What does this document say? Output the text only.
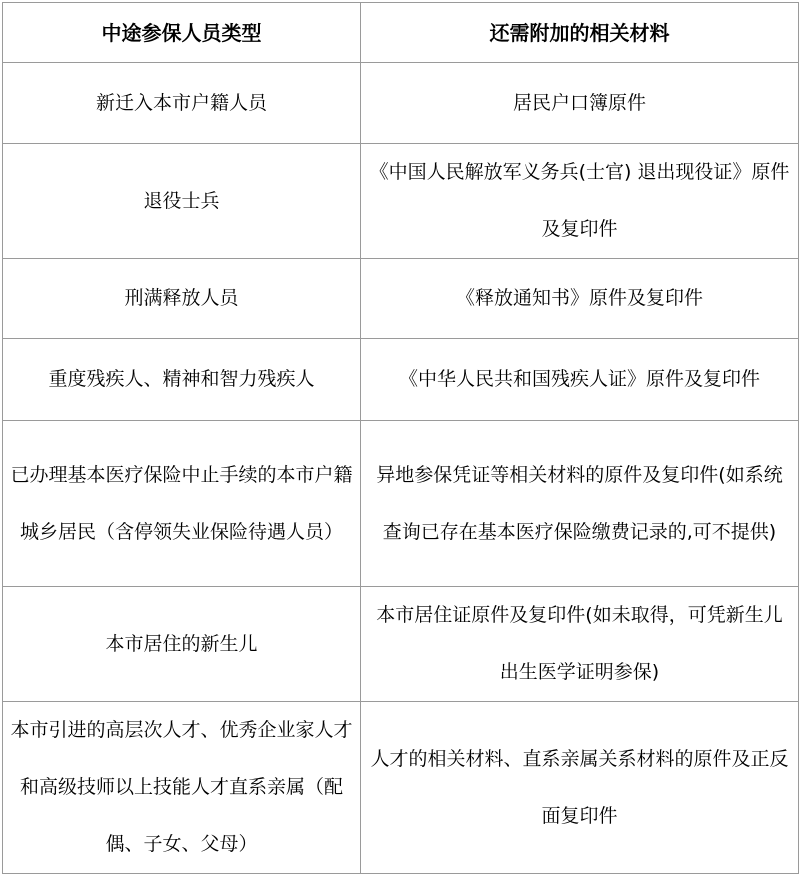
中途参保人员类型	还需附加的相关材料
新迁入本市户籍人员	居民户口簿原件
退役士兵	《中国人民解放军义务兵(士官) 退出现役证》原件及复印件
刑满释放人员	《释放通知书》原件及复印件
重度残疾人、精神和智力残疾人	《中华人民共和国残疾人证》原件及复印件
已办理基本医疗保险中止手续的本市户籍城乡居民（含停领失业保险待遇人员）	异地参保凭证等相关材料的原件及复印件(如系统查询已存在基本医疗保险缴费记录的,可不提供)
本市居住的新生儿	本市居住证原件及复印件(如未取得，可凭新生儿出生医学证明参保)
本市引进的高层次人才、优秀企业家人才和高级技师以上技能人才直系亲属（配偶、子女、父母）	人才的相关材料、直系亲属关系材料的原件及正反面复印件
